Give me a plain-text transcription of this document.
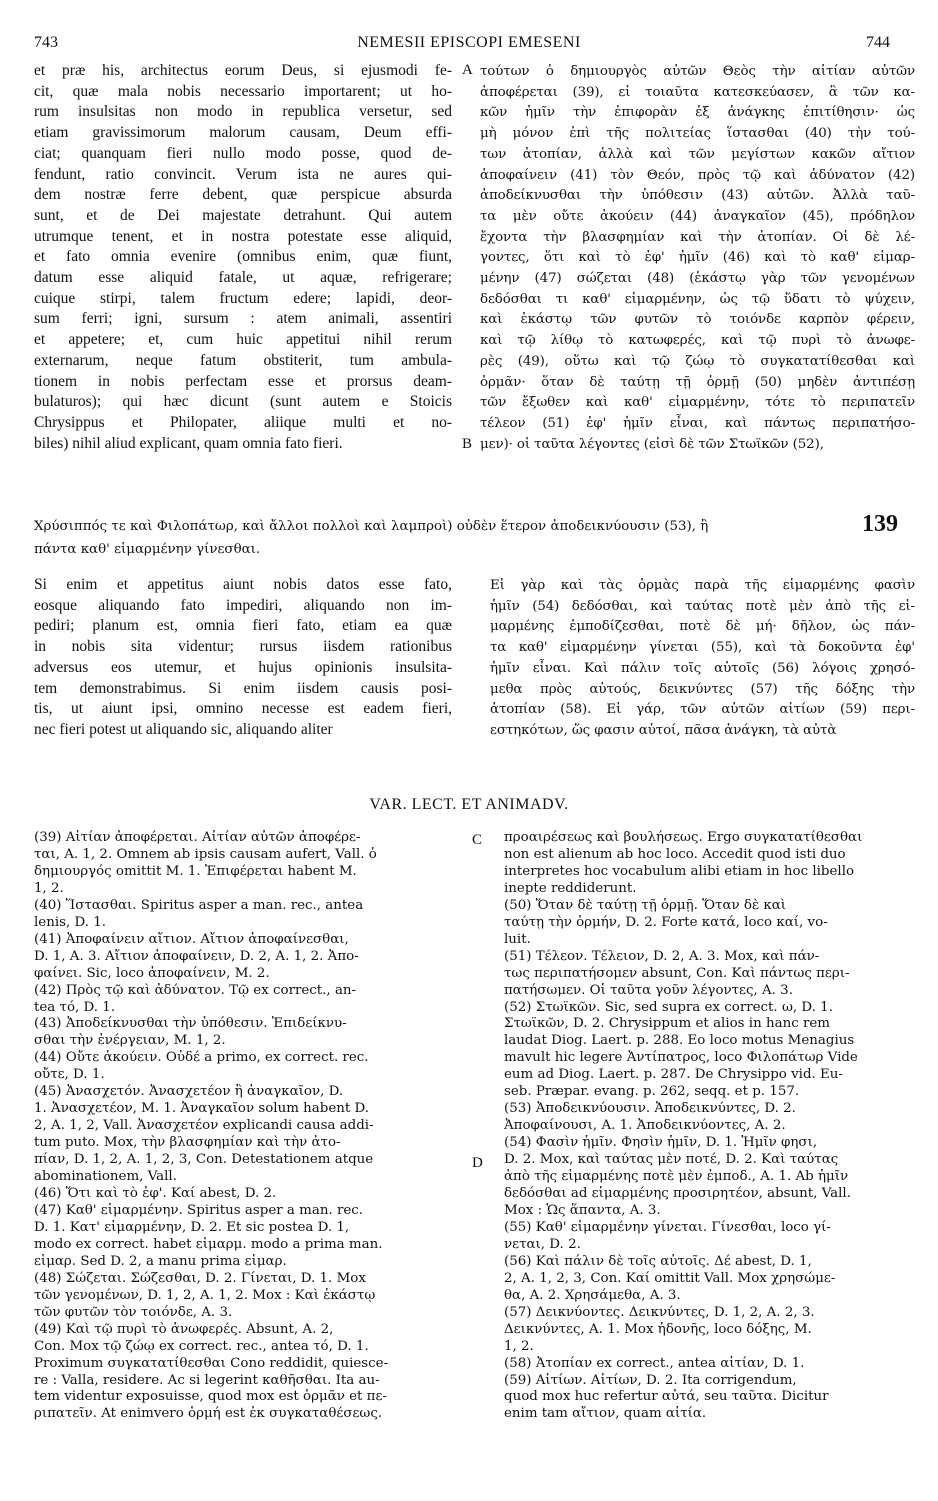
743	NEMESII EPISCOPI EMESENI	744
et præ his, architectus eorum Deus, si ejusmodi fe-
cit, quæ mala nobis necessario importarent; ut ho-
rum insulsitas non modo in republica versetur, sed
etiam gravissimorum malorum causam, Deum effi-
ciat; quanquam fieri nullo modo posse, quod de-
fendunt, ratio convincit. Verum ista ne aures qui-
dem nostræ ferre debent, quæ perspicue absurda
sunt, et de Dei majestate detrahunt. Qui autem
utrumque tenent, et in nostra potestate esse aliquid,
et fato omnia evenire (omnibus enim, quæ fiunt,
datum esse aliquid fatale, ut aquæ, refrigerare;
cuique stirpi, talem fructum edere; lapidi, deor-
sum ferri; igni, sursum : atem animali, assentiri
et appetere; et, cum huic appetitui nihil rerum
externarum, neque fatum obstiterit, tum ambula-
tionem in nobis perfectam esse et prorsus deam-
bulaturos); qui hæc dicunt (sunt autem e Stoicis
Chrysippus et Philopater, aliique multi et no-
biles) nihil aliud explicant, quam omnia fato fieri.
A τούτων ὁ δημιουργὸς αὐτῶν Θεὸς τὴν αἰτίαν αὐτῶν
ἀποφέρεται (39), εἰ τοιαῦτα κατεσκεύασεν, ἃ τῶν κα-
κῶν ἡμῖν τὴν ἐπιφορὰν ἐξ ἀνάγκης ἐπιτίθησιν· ὡς
μὴ μόνον ἐπὶ τῆς πολιτείας ἵστασθαι (40) τὴν τού-
των ἀτοπίαν, ἀλλὰ καὶ τῶν μεγίστων κακῶν αἴτιον
ἀποφαίνειν (41) τὸν Θεόν, πρὸς τῷ καὶ ἀδύνατον (42)
ἀποδείκνυσθαι τὴν ὑπόθεσιν (43) αὐτῶν. Ἀλλὰ ταῦ-
τα μὲν οὔτε ἀκούειν (44) ἀναγκαῖον (45), πρόδηλον
ἔχοντα τὴν βλασφημίαν καὶ τὴν ἀτοπίαν. Οἱ δὲ λέ-
γοντες, ὅτι καὶ τὸ ἐφ' ἡμῖν (46) καὶ τὸ καθ' εἱμαρ-
μένην (47) σώζεται (48) (ἑκάστῳ γὰρ τῶν γενομένων
δεδόσθαι τι καθ' εἱμαρμένην, ὡς τῷ ὕδατι τὸ ψύχειν,
καὶ ἑκάστῳ τῶν φυτῶν τὸ τοιόνδε καρπὸν φέρειν,
καὶ τῷ λίθῳ τὸ κατωφερές, καὶ τῷ πυρὶ τὸ ἀνωφε-
ρὲς (49), οὕτω καὶ τῷ ζώῳ τὸ συγκατατίθεσθαι καὶ
ὁρμᾶν· ὅταν δὲ ταύτῃ τῇ ὁρμῇ (50) μηδὲν ἀντιπέσῃ
τῶν ἔξωθεν καὶ καθ' εἱμαρμένην, τότε τὸ περιπατεῖν
τέλεον (51) ἐφ' ἡμῖν εἶναι, καὶ πάντως περιπατήσο-
μεν)· οἱ ταῦτα λέγοντες (εἰσὶ δὲ τῶν Στωϊκῶν (52),
B
Χρύσιππός τε καὶ Φιλοπάτωρ, καὶ ἄλλοι πολλοὶ καὶ λαμπροὶ) οὐδὲν ἕτερον ἀποδεικνύουσιν (53), ἢ	139
πάντα καθ' εἱμαρμένην γίνεσθαι.
Si enim et appetitus aiunt nobis datos esse fato,
eosque aliquando fato impediri, aliquando non im-
pediri; planum est, omnia fieri fato, etiam ea quæ
in nobis sita videntur; rursus iisdem rationibus
adversus eos utemur, et hujus opinionis insulsita-
tem demonstrabimus. Si enim iisdem causis posi-
tis, ut aiunt ipsi, omnino necesse est eadem fieri,
nec fieri potest ut aliquando sic, aliquando aliter
Εἰ γὰρ καὶ τὰς ὁρμὰς παρὰ τῆς εἱμαρμένης φασὶν
ἡμῖν (54) δεδόσθαι, καὶ ταύτας ποτὲ μὲν ἀπὸ τῆς εἱ-
μαρμένης ἐμποδίζεσθαι, ποτὲ δὲ μή· δῆλον, ὡς πάν-
τα καθ' εἱμαρμένην γίνεται (55), καὶ τὰ δοκοῦντα ἐφ'
ἡμῖν εἶναι. Καὶ πάλιν τοῖς αὐτοῖς (56) λόγοις χρησό-
μεθα πρὸς αὐτούς, δεικνύντες (57) τῆς δόξης τὴν
ἀτοπίαν (58). Εἰ γάρ, τῶν αὐτῶν αἰτίων (59) περι-
εστηκότων, ὥς φασιν αὐτοί, πᾶσα ἀνάγκη, τὰ αὐτὰ
VAR. LECT. ET ANIMADV.
(39) Αἰτίαν ἀποφέρεται. Αἰτίαν αὐτῶν ἀποφέρε-
ται, A. 1, 2. Omnem ab ipsis causam aufert, Vall. ὁ
δημιουργός omittit M. 1. Ἐπιφέρεται habent M.
1, 2.
(40) Ἵστασθαι. Spiritus asper a man. rec., antea
lenis, D. 1.
(41) Ἀποφαίνειν αἴτιον. Αἴτιον ἀποφαίνεσθαι,
D. 1, A. 3. Αἴτιον ἀποφαίνειν, D. 2, A. 1, 2. Ἀπο-
φαίνει. Sic, loco ἀποφαίνειν, M. 2.
(42) Πρὸς τῷ καὶ ἀδύνατον. Τῷ ex correct., an-
tea τό, D. 1.
(43) Ἀποδείκνυσθαι τὴν ὑπόθεσιν. Ἐπιδείκνυ-
σθαι τὴν ἐνέργειαν, M. 1, 2.
(44) Οὔτε ἀκούειν. Οὐδέ a primo, ex correct. rec.
οὔτε, D. 1.
(45) Ἀνασχετόν. Ἀνασχετέον ἢ ἀναγκαῖον, D.
1. Ἀνασχετέον, M. 1. Ἀναγκαῖον solum habent D.
2, A. 1, 2, Vall. Ἀνασχετέον explicandi causa addi-
tum puto. Mox, τὴν βλασφημίαν καὶ τὴν ἀτο-
πίαν, D. 1, 2, A. 1, 2, 3, Con. Detestationem atque
abominationem, Vall.
(46) Ὅτι καὶ τὸ ἐφ'. Καί abest, D. 2.
(47) Καθ' εἱμαρμένην. Spiritus asper a man. rec.
D. 1. Κατ' εἱμαρμένην, D. 2. Et sic postea D. 1,
modo ex correct. habet εἱμαρμ. modo a prima man.
εἱμαρ. Sed D. 2, a manu prima εἱμαρ.
(48) Σώζεται. Σώζεσθαι, D. 2. Γίνεται, D. 1. Mox
τῶν γενομένων, D. 1, 2, A. 1, 2. Mox : Καὶ ἑκάστῳ
τῶν φυτῶν τὸν τοιόνδε, A. 3.
(49) Καὶ τῷ πυρὶ τὸ ἀνωφερές. Absunt, A. 2,
Con. Mox τῷ ζώῳ ex correct. rec., antea τό, D. 1.
Proximum συγκατατίθεσθαι Cono reddidit, quiesce-
re : Valla, residere. Ac si legerint καθῆσθαι. Ita au-
tem videntur exposuisse, quod mox est ὁρμᾶν et πε-
ριπατεῖν. At enimvero ὁρμή est ἐκ συγκαταθέσεως.
C
D
προαιρέσεως καὶ βουλήσεως. Ergo συγκατατίθεσθαι
non est alienum ab hoc loco. Accedit quod isti duo
interpretes hoc vocabulum alibi etiam in hoc libello
inepte reddiderunt.
(50) Ὅταν δὲ ταύτῃ τῇ ὁρμῇ. Ὅταν δὲ καὶ
ταύτῃ τὴν ὁρμήν, D. 2. Forte κατά, loco καί, vo-
luit.
(51) Τέλεον. Τέλειον, D. 2, A. 3. Mox, καὶ πάν-
τως περιπατήσομεν absunt, Con. Καὶ πάντως περι-
πατήσωμεν. Οἱ ταῦτα γοῦν λέγοντες, A. 3.
(52) Στωϊκῶν. Sic, sed supra ex correct. ω, D. 1.
Στωϊκῶν, D. 2. Chrysippum et alios in hanc rem
laudat Diog. Laert. p. 288. Eo loco motus Menagius
mavult hic legere Ἀντίπατρος, loco Φιλοπάτωρ Vide
eum ad Diog. Laert. p. 287. De Chrysippo vid. Eu-
seb. Præpar. evang. p. 262, seqq. et p. 157.
(53) Ἀποδεικνύουσιν. Ἀποδεικνύντες, D. 2.
Ἀποφαίνουσι, A. 1. Ἀποδεικνύοντες, A. 2.
(54) Φασὶν ἡμῖν. Φησὶν ἡμῖν, D. 1. Ἡμῖν φησι,
D. 2. Mox, καὶ ταύτας μὲν ποτέ, D. 2. Καὶ ταύτας
ἀπὸ τῆς εἱμαρμένης ποτὲ μὲν ἐμποδ., A. 1. Ab ἡμῖν
δεδόσθαι ad εἱμαρμένης προσιρητέον, absunt, Vall.
Mox : Ὡς ἅπαντα, A. 3.
(55) Καθ' εἱμαρμένην γίνεται. Γίνεσθαι, loco γί-
νεται, D. 2.
(56) Καὶ πάλιν δὲ τοῖς αὐτοῖς. Δέ abest, D. 1,
2, A. 1, 2, 3, Con. Καί omittit Vall. Mox χρησώμε-
θα, A. 2. Χρησάμεθα, A. 3.
(57) Δεικνύοντες. Δεικνύντες, D. 1, 2, A. 2, 3.
Δεικνύντες, A. 1. Mox ἡδονῆς, loco δόξης, M.
1, 2.
(58) Ἀτοπίαν ex correct., antea αἰτίαν, D. 1.
(59) Αἰτίων. Αἰτίων, D. 2. Ita corrigendum,
quod mox huc refertur αὐτά, seu ταῦτα. Dicitur
enim tam αἴτιον, quam αἰτία.
